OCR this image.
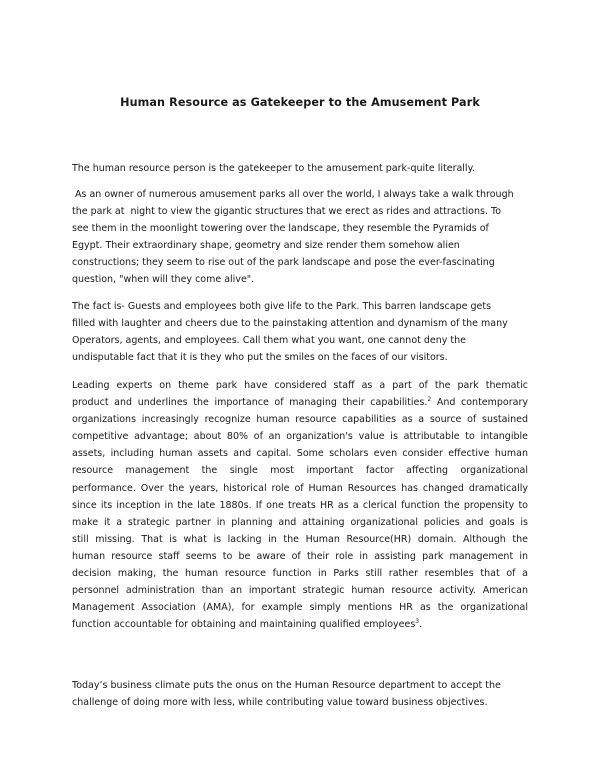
Human Resource as Gatekeeper to the Amusement Park

The human resource person is the gatekeeper to the amusement park-quite literally.

As an owner of numerous amusement parks all over the world, I always take a walk through
the park at  night to view the gigantic structures that we erect as rides and attractions. To
see them in the moonlight towering over the landscape, they resemble the Pyramids of
Egypt. Their extraordinary shape, geometry and size render them somehow alien
constructions; they seem to rise out of the park landscape and pose the ever-fascinating
question, "when will they come alive".

The fact is- Guests and employees both give life to the Park. This barren landscape gets
filled with laughter and cheers due to the painstaking attention and dynamism of the many
Operators, agents, and employees. Call them what you want, one cannot deny the
undisputable fact that it is they who put the smiles on the faces of our visitors.

Leading experts on theme park have considered staff as a part of the park thematic
product and underlines the importance of managing their capabilities.$^2$ And contemporary
organizations increasingly recognize human resource capabilities as a source of sustained
competitive advantage; about 80% of an organization's value is attributable to intangible
assets, including human assets and capital. Some scholars even consider effective human
resource management the single most important factor affecting organizational
performance. Over the years, historical role of Human Resources has changed dramatically
since its inception in the late 1880s. If one treats HR as a clerical function the propensity to
make it a strategic partner in planning and attaining organizational policies and goals is
still missing. That is what is lacking in the Human Resource(HR) domain. Although the
human resource staff seems to be aware of their role in assisting park management in
decision making, the human resource function in Parks still rather resembles that of a
personnel administration than an important strategic human resource activity. American
Management Association (AMA), for example simply mentions HR as the organizational
function accountable for obtaining and maintaining qualified employees$^3$.

Today’s business climate puts the onus on the Human Resource department to accept the
challenge of doing more with less, while contributing value toward business objectives.
